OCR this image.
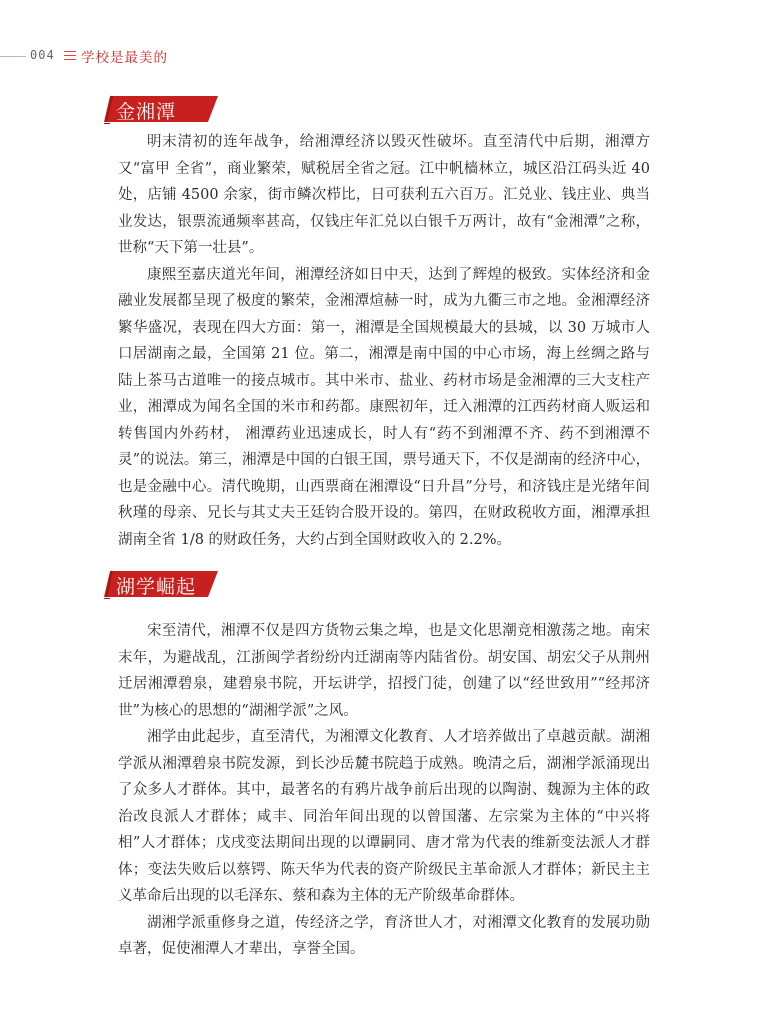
004 学校是最美的
金湘潭

明末清初的连年战争，给湘潭经济以毁灭性破坏。直至清代中后期，湘潭方又“富甲 全省”，商业繁荣，赋税居全省之冠。江中帆樯林立，城区沿江码头近 40 处，店铺 4500 余家，街市鳞次栉比，日可获利五六百万。汇兑业、钱庄业、典当业发达，银票流通频率甚高，仅钱庄年汇兑以白银千万两计，故有“金湘潭”之称，世称“天下第一壮县”。

康熙至嘉庆道光年间，湘潭经济如日中天，达到了辉煌的极致。实体经济和金融业发展都呈现了极度的繁荣，金湘潭煊赫一时，成为九衢三市之地。金湘潭经济繁华盛况，表现在四大方面：第一，湘潭是全国规模最大的县城，以 30 万城市人口居湖南之最，全国第 21 位。第二，湘潭是南中国的中心市场，海上丝绸之路与陆上茶马古道唯一的接点城市。其中米市、盐业、药材市场是金湘潭的三大支柱产业，湘潭成为闻名全国的米市和药都。康熙初年，迁入湘潭的江西药材商人贩运和转售国内外药材， 湘潭药业迅速成长，时人有“药不到湘潭不齐、药不到湘潭不灵”的说法。第三，湘潭是中国的白银王国，票号通天下，不仅是湖南的经济中心，也是金融中心。清代晚期，山西票商在湘潭设“日升昌”分号，和济钱庄是光绪年间秋瑾的母亲、兄长与其丈夫王廷钧合股开设的。第四，在财政税收方面，湘潭承担湖南全省 1/8 的财政任务，大约占到全国财政收入的 2.2%。

湖学崛起

宋至清代，湘潭不仅是四方货物云集之埠，也是文化思潮竞相激荡之地。南宋末年，为避战乱，江浙闽学者纷纷内迁湖南等内陆省份。胡安国、胡宏父子从荆州 迁居湘潭碧泉，建碧泉书院，开坛讲学，招授门徒，创建了以“经世致用”“经邦济世”为核心的思想的“湖湘学派”之风。

湘学由此起步，直至清代，为湘潭文化教育、人才培养做出了卓越贡献。湖湘学派从湘潭碧泉书院发源，到长沙岳麓书院趋于成熟。晚清之后，湖湘学派涌现出了众多人才群体。其中，最著名的有鸦片战争前后出现的以陶澍、魏源为主体的政治改良派人才群体；咸丰、同治年间出现的以曾国藩、左宗棠为主体的“中兴将相”人才群体；戊戌变法期间出现的以谭嗣同、唐才常为代表的维新变法派人才群体；变法失败后以蔡锷、陈天华为代表的资产阶级民主革命派人才群体；新民主主义革命后出现的以毛泽东、蔡和森为主体的无产阶级革命群体。

湖湘学派重修身之道，传经济之学，育济世人才，对湘潭文化教育的发展功勋卓著，促使湘潭人才辈出，享誉全国。
